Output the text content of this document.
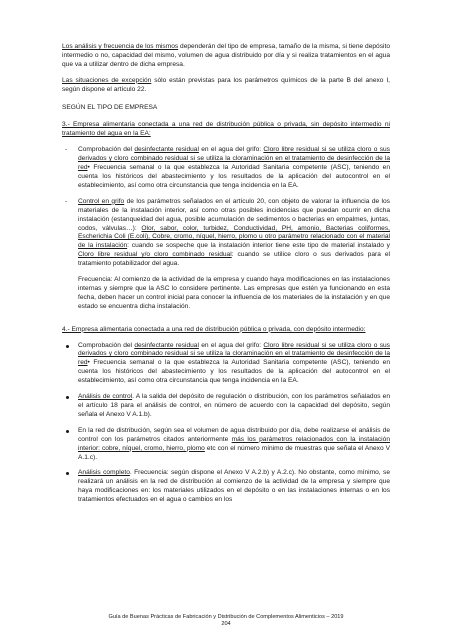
Los análisis y frecuencia de los mismos dependerán del tipo de empresa, tamaño de la misma, si tiene depósito intermedio o no, capacidad del mismo, volumen de agua distribuido por día y si realiza tratamientos en el agua que va a utilizar dentro de dicha empresa.

Las situaciones de excepción sólo están previstas para los parámetros químicos de la parte B del anexo I, según dispone el artículo 22.

SEGÚN EL TIPO DE EMPRESA

3.- Empresa alimentaria conectada a una red de distribución pública o privada, sin depósito intermedio ni tratamiento del agua en la EA:

- Comprobación del desinfectante residual en el agua del grifo: Cloro libre residual si se utiliza cloro o sus derivados y cloro combinado residual si se utiliza la cloraminación en el tratamiento de desinfección de la red• Frecuencia semanal o la que establezca la Autoridad Sanitaria competente (ASC), teniendo en cuenta los históricos del abastecimiento y los resultados de la aplicación del autocontrol en el establecimiento, así como otra circunstancia que tenga incidencia en la EA.

- Control en grifo de los parámetros señalados en el artículo 20, con objeto de valorar la influencia de los materiales de la instalación interior, así como otras posibles incidencias que puedan ocurrir en dicha instalación (estanqueidad del agua, posible acumulación de sedimentos o bacterias en empalmes, juntas, codos, válvulas…): Olor, sabor, color, turbidez, Conductividad, PH, amonio, Bacterias coliformes, Escherichia Coli (E.coli), Cobre, cromo, níquel, hierro, plomo u otro parámetro relacionado con el material de la instalación: cuando se sospeche que la instalación interior tiene este tipo de material instalado y Cloro libre residual y/o cloro combinado residual: cuando se utilice cloro o sus derivados para el tratamiento potabilizador del agua.

Frecuencia: Al comienzo de la actividad de la empresa y cuando haya modificaciones en las instalaciones internas y siempre que la ASC lo considere pertinente. Las empresas que estén ya funcionando en esta fecha, deben hacer un control inicial para conocer la influencia de los materiales de la instalación y en que estado se encuentra dicha instalación.

4.- Empresa alimentaria conectada a una red de distribución pública o privada, con depósito intermedio:

Comprobación del desinfectante residual en el agua del grifo: Cloro libre residual si se utiliza cloro o sus derivados y cloro combinado residual si se utiliza la cloraminación en el tratamiento de desinfección de la red• Frecuencia semanal o la que establezca la Autoridad Sanitaria competente (ASC), teniendo en cuenta los históricos del abastecimiento y los resultados de la aplicación del autocontrol en el establecimiento, así como otra circunstancia que tenga incidencia en la EA.

Análisis de control. A la salida del depósito de regulación o distribución, con los parámetros señalados en el artículo 18 para el análisis de control, en número de acuerdo con la capacidad del depósito, según señala el Anexo V A.1.b).

En la red de distribución, según sea el volumen de agua distribuido por día, debe realizarse el análisis de control con los parámetros citados anteriormente más los parámetros relacionados con la instalación interior: cobre, níquel, cromo, hierro, plomo etc con el número mínimo de muestras que señala el Anexo V A.1.c).

Análisis completo. Frecuencia: según dispone el Anexo V A.2.b) y A.2.c). No obstante, como mínimo, se realizará un análisis en la red de distribución al comienzo de la actividad de la empresa y siempre que haya modificaciones en: los materiales utilizados en el depósito o en las instalaciones internas o en los tratamientos efectuados en el agua o cambios en los

Guía de Buenas Prácticas de Fabricación y Distribución de Complementos Alimenticios – 2019
204
